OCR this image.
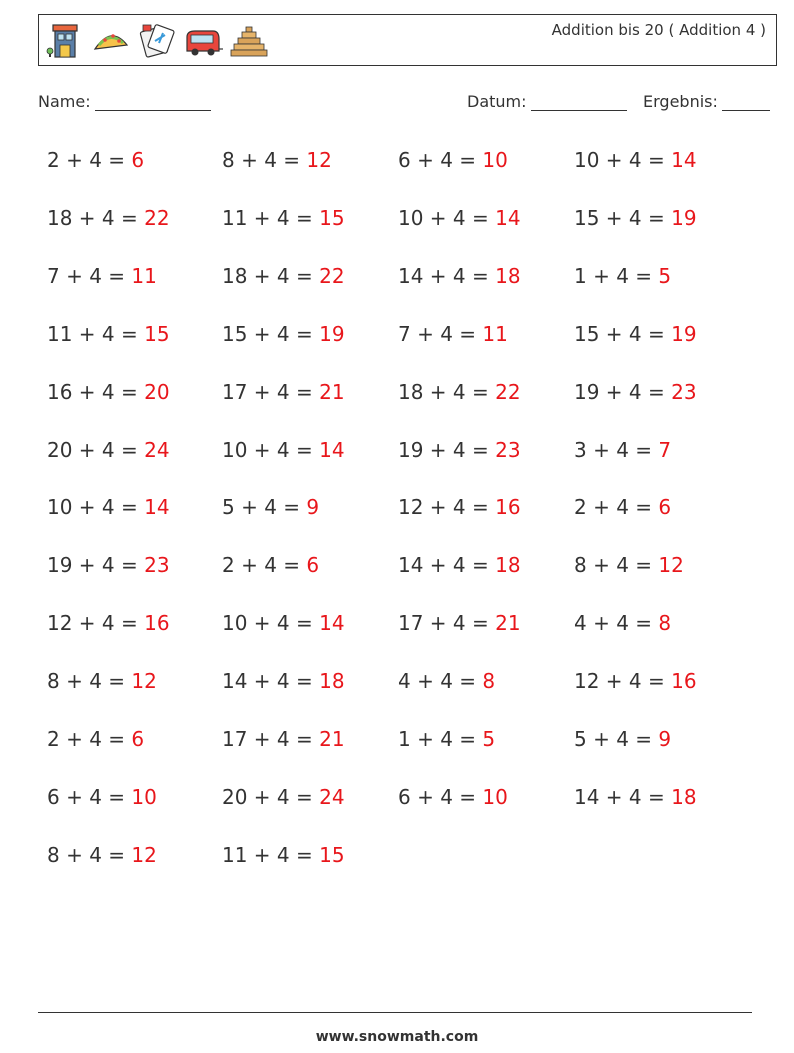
Addition bis 20 ( Addition 4 )
Name:	Datum:	Ergebnis:
2 + 4 = 6	8 + 4 = 12	6 + 4 = 10	10 + 4 = 14
18 + 4 = 22	11 + 4 = 15	10 + 4 = 14	15 + 4 = 19
7 + 4 = 11	18 + 4 = 22	14 + 4 = 18	1 + 4 = 5
11 + 4 = 15	15 + 4 = 19	7 + 4 = 11	15 + 4 = 19
16 + 4 = 20	17 + 4 = 21	18 + 4 = 22	19 + 4 = 23
20 + 4 = 24	10 + 4 = 14	19 + 4 = 23	3 + 4 = 7
10 + 4 = 14	5 + 4 = 9	12 + 4 = 16	2 + 4 = 6
19 + 4 = 23	2 + 4 = 6	14 + 4 = 18	8 + 4 = 12
12 + 4 = 16	10 + 4 = 14	17 + 4 = 21	4 + 4 = 8
8 + 4 = 12	14 + 4 = 18	4 + 4 = 8	12 + 4 = 16
2 + 4 = 6	17 + 4 = 21	1 + 4 = 5	5 + 4 = 9
6 + 4 = 10	20 + 4 = 24	6 + 4 = 10	14 + 4 = 18
8 + 4 = 12	11 + 4 = 15
www.snowmath.com
